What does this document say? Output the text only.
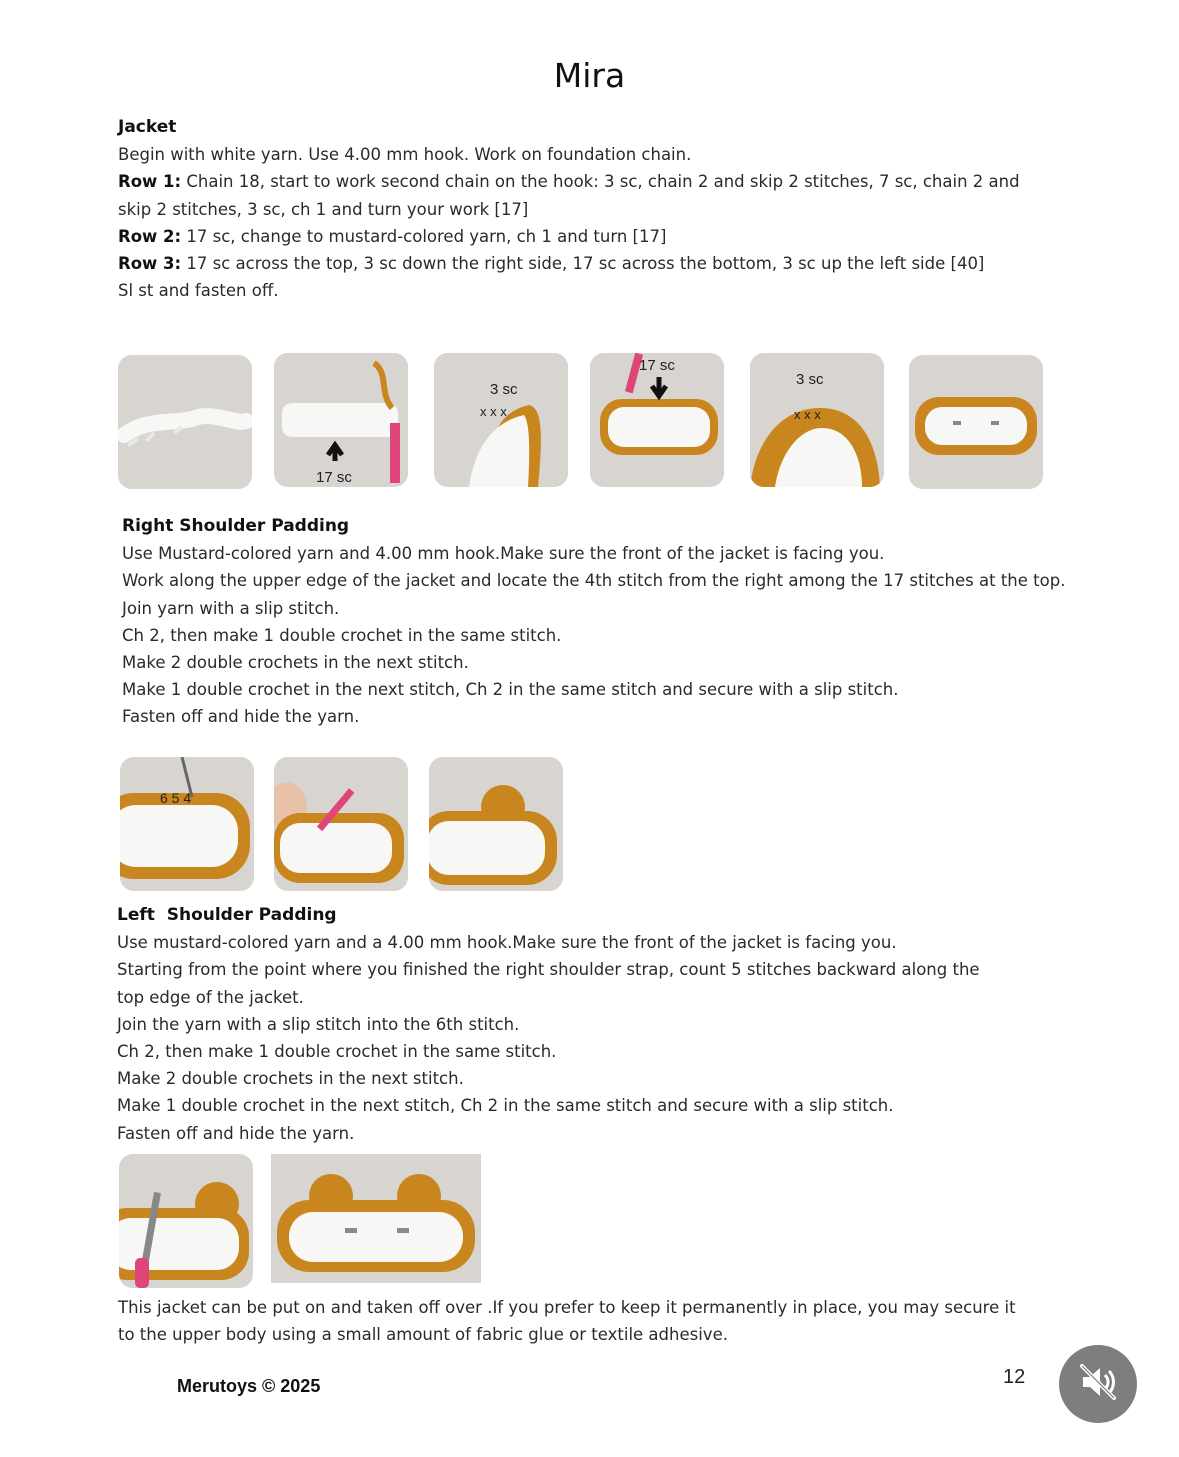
Mira
Jacket
Begin with white yarn. Use 4.00 mm hook. Work on foundation chain.
Row 1: Chain 18, start to work second chain on the hook: 3 sc, chain 2 and skip 2 stitches, 7 sc, chain 2 and skip 2 stitches, 3 sc, ch 1 and turn your work [17]
Row 2: 17 sc, change to mustard-colored yarn, ch 1 and turn [17]
Row 3: 17 sc across the top, 3 sc down the right side, 17 sc across the bottom, 3 sc up the left side [40]
Sl st and fasten off.
17 sc
3 sc
x x x
17 sc
3 sc
x x x
Right Shoulder Padding
Use Mustard-colored yarn and 4.00 mm hook.Make sure the front of the jacket is facing you.
Work along the upper edge of the jacket and locate the 4th stitch from the right among the 17 stitches at the top.
Join yarn with a slip stitch.
Ch 2, then make 1 double crochet in the same stitch.
Make 2 double crochets in the next stitch.
Make 1 double crochet in the next stitch, Ch 2 in the same stitch and secure with a slip stitch.
Fasten off and hide the yarn.
6 5 4
Left  Shoulder Padding
Use mustard-colored yarn and a 4.00 mm hook.Make sure the front of the jacket is facing you.
Starting from the point where you finished the right shoulder strap, count 5 stitches backward along the top edge of the jacket.
Join the yarn with a slip stitch into the 6th stitch.
Ch 2, then make 1 double crochet in the same stitch.
Make 2 double crochets in the next stitch.
Make 1 double crochet in the next stitch, Ch 2 in the same stitch and secure with a slip stitch.
Fasten off and hide the yarn.
This jacket can be put on and taken off over .If you prefer to keep it permanently in place, you may secure it to the upper body using a small amount of fabric glue or textile adhesive.
Merutoys © 2025	12
